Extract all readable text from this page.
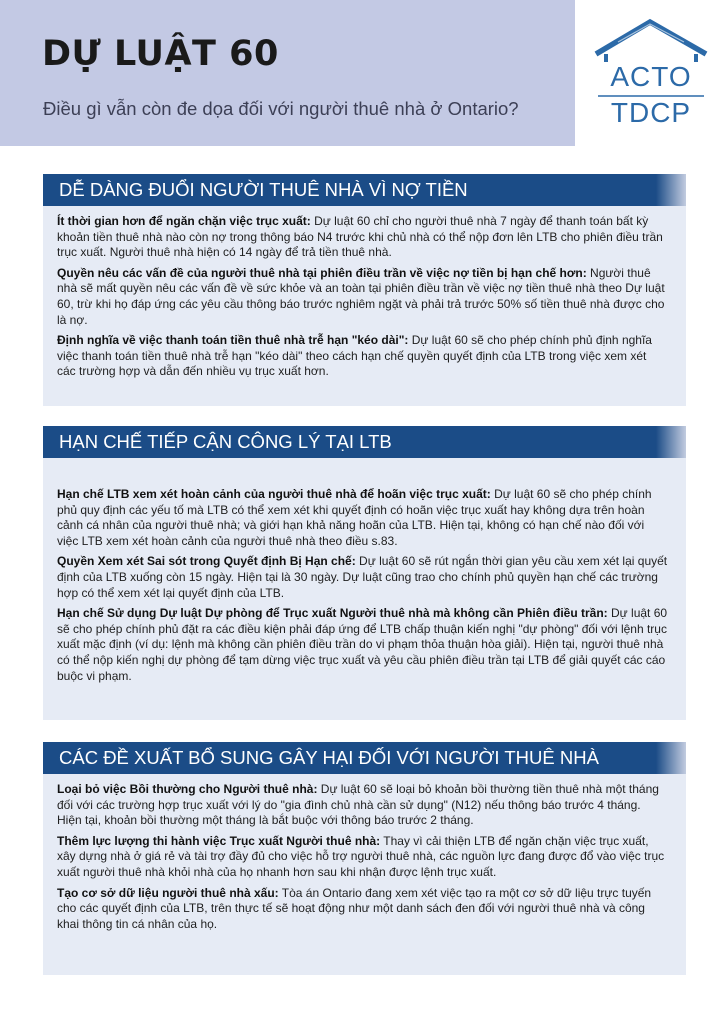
DỰ LUẬT 60
Điều gì vẫn còn đe dọa đối với người thuê nhà ở Ontario?
ACTO
TDCP
DỄ DÀNG ĐUỔI NGƯỜI THUÊ NHÀ VÌ NỢ TIỀN

Ít thời gian hơn để ngăn chặn việc trục xuất: Dự luật 60 chỉ cho người thuê nhà 7 ngày để thanh toán bất kỳ khoản tiền thuê nhà nào còn nợ trong thông báo N4 trước khi chủ nhà có thể nộp đơn lên LTB cho phiên điều trần trục xuất. Người thuê nhà hiện có 14 ngày để trả tiền thuê nhà.

Quyền nêu các vấn đề của người thuê nhà tại phiên điều trần về việc nợ tiền bị hạn chế hơn: Người thuê nhà sẽ mất quyền nêu các vấn đề về sức khỏe và an toàn tại phiên điều trần về việc nợ tiền thuê nhà theo Dự luật 60, trừ khi họ đáp ứng các yêu cầu thông báo trước nghiêm ngặt và phải trả trước 50% số tiền thuê nhà được cho là nợ.

Định nghĩa về việc thanh toán tiền thuê nhà trễ hạn "kéo dài": Dự luật 60 sẽ cho phép chính phủ định nghĩa việc thanh toán tiền thuê nhà trễ hạn "kéo dài" theo cách hạn chế quyền quyết định của LTB trong việc xem xét các trường hợp và dẫn đến nhiều vụ trục xuất hơn.

HẠN CHẾ TIẾP CẬN CÔNG LÝ TẠI LTB

Hạn chế LTB xem xét hoàn cảnh của người thuê nhà để hoãn việc trục xuất: Dự luật 60 sẽ cho phép chính phủ quy định các yếu tố mà LTB có thể xem xét khi quyết định có hoãn việc trục xuất hay không dựa trên hoàn cảnh cá nhân của người thuê nhà; và giới hạn khả năng hoãn của LTB. Hiện tại, không có hạn chế nào đối với việc LTB xem xét hoàn cảnh của người thuê nhà theo điều s.83.

Quyền Xem xét Sai sót trong Quyết định Bị Hạn chế: Dự luật 60 sẽ rút ngắn thời gian yêu cầu xem xét lại quyết định của LTB xuống còn 15 ngày. Hiện tại là 30 ngày. Dự luật cũng trao cho chính phủ quyền hạn chế các trường hợp có thể xem xét lại quyết định của LTB.

Hạn chế Sử dụng Dự luật Dự phòng để Trục xuất Người thuê nhà mà không cần Phiên điều trần: Dự luật 60 sẽ cho phép chính phủ đặt ra các điều kiện phải đáp ứng để LTB chấp thuận kiến nghị "dự phòng" đối với lệnh trục xuất mặc định (ví dụ: lệnh mà không cần phiên điều trần do vi phạm thỏa thuận hòa giải). Hiện tại, người thuê nhà có thể nộp kiến nghị dự phòng để tạm dừng việc trục xuất và yêu cầu phiên điều trần tại LTB để giải quyết các cáo buộc vi phạm.

CÁC ĐỀ XUẤT BỔ SUNG GÂY HẠI ĐỐI VỚI NGƯỜI THUÊ NHÀ

Loại bỏ việc Bồi thường cho Người thuê nhà: Dự luật 60 sẽ loại bỏ khoản bồi thường tiền thuê nhà một tháng đối với các trường hợp trục xuất với lý do "gia đình chủ nhà cần sử dụng" (N12) nếu thông báo trước 4 tháng. Hiện tại, khoản bồi thường một tháng là bắt buộc với thông báo trước 2 tháng.

Thêm lực lượng thi hành việc Trục xuất Người thuê nhà: Thay vì cải thiện LTB để ngăn chặn việc trục xuất, xây dựng nhà ở giá rẻ và tài trợ đầy đủ cho việc hỗ trợ người thuê nhà, các nguồn lực đang được đổ vào việc trục xuất người thuê nhà khỏi nhà của họ nhanh hơn sau khi nhận được lệnh trục xuất.

Tạo cơ sở dữ liệu người thuê nhà xấu: Tòa án Ontario đang xem xét việc tạo ra một cơ sở dữ liệu trực tuyến cho các quyết định của LTB, trên thực tế sẽ hoạt động như một danh sách đen đối với người thuê nhà và công khai thông tin cá nhân của họ.
